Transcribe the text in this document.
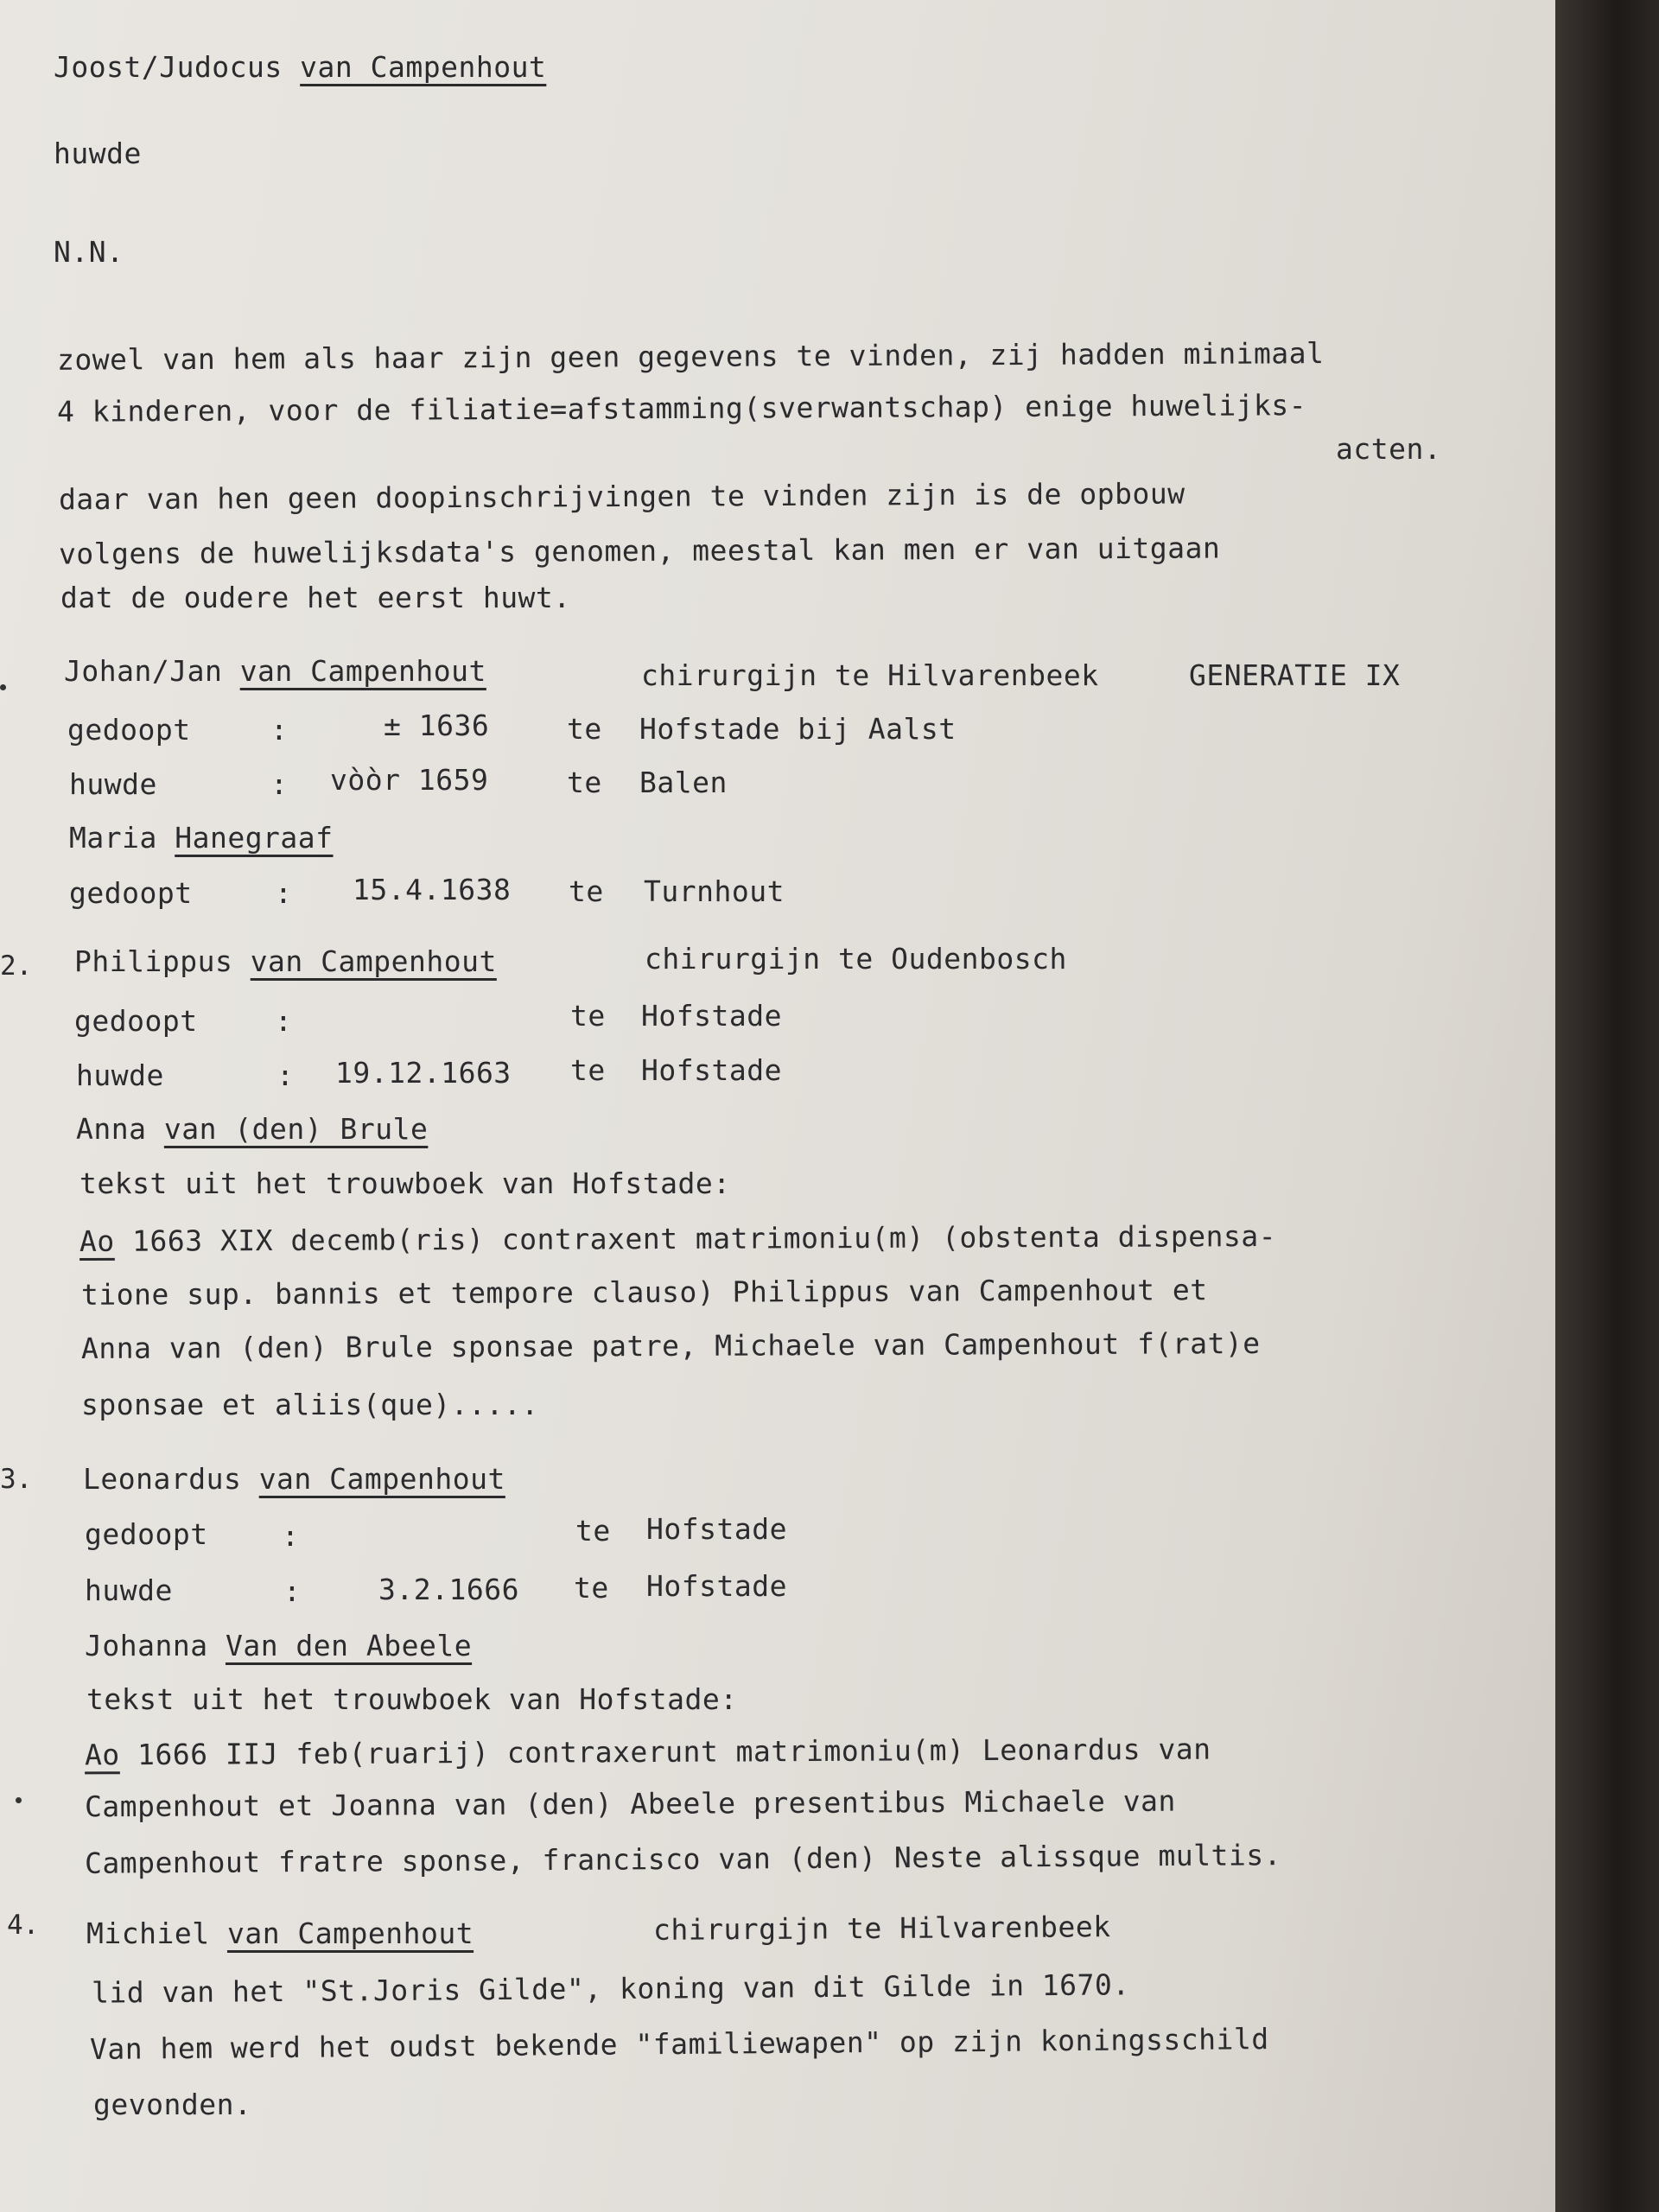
Joost/Judocus van Campenhout
huwde
N.N.
zowel van hem als haar zijn geen gegevens te vinden, zij hadden minimaal
4 kinderen, voor de filiatie=afstamming(sverwantschap) enige huwelijks-
acten.
daar van hen geen doopinschrijvingen te vinden zijn is de opbouw
volgens de huwelijksdata's genomen, meestal kan men er van uitgaan
dat de oudere het eerst huwt.
Johan/Jan van Campenhout	chirurgijn te Hilvarenbeek	GENERATIE IX
gedoopt	:	± 1636	te Hofstade bij Aalst
huwde	: vòòr 1659	te Balen
Maria Hanegraaf
gedoopt	: 15.4.1638 te Turnhout
2. Philippus van Campenhout	chirurgijn te Oudenbosch
gedoopt	:	te Hofstade
huwde	: 19.12.1663 te Hofstade
Anna van (den) Brule
tekst uit het trouwboek van Hofstade:
Ao 1663 XIX decemb(ris) contraxent matrimoniu(m) (obstenta dispensa-
tione sup. bannis et tempore clauso) Philippus van Campenhout et
Anna van (den) Brule sponsae patre, Michaele van Campenhout f(rat)e
sponsae et aliis(que).....
3. Leonardus van Campenhout
gedoopt	:	te Hofstade
huwde	:	3.2.1666 te Hofstade
Johanna Van den Abeele
tekst uit het trouwboek van Hofstade:
Ao 1666 IIJ feb(ruarij) contraxerunt matrimoniu(m) Leonardus van
Campenhout et Joanna van (den) Abeele presentibus Michaele van
Campenhout fratre sponse, francisco van (den) Neste alissque multis.
4. Michiel van Campenhout	chirurgijn te Hilvarenbeek
lid van het "St.Joris Gilde", koning van dit Gilde in 1670.
Van hem werd het oudst bekende "familiewapen" op zijn koningsschild
gevonden.
